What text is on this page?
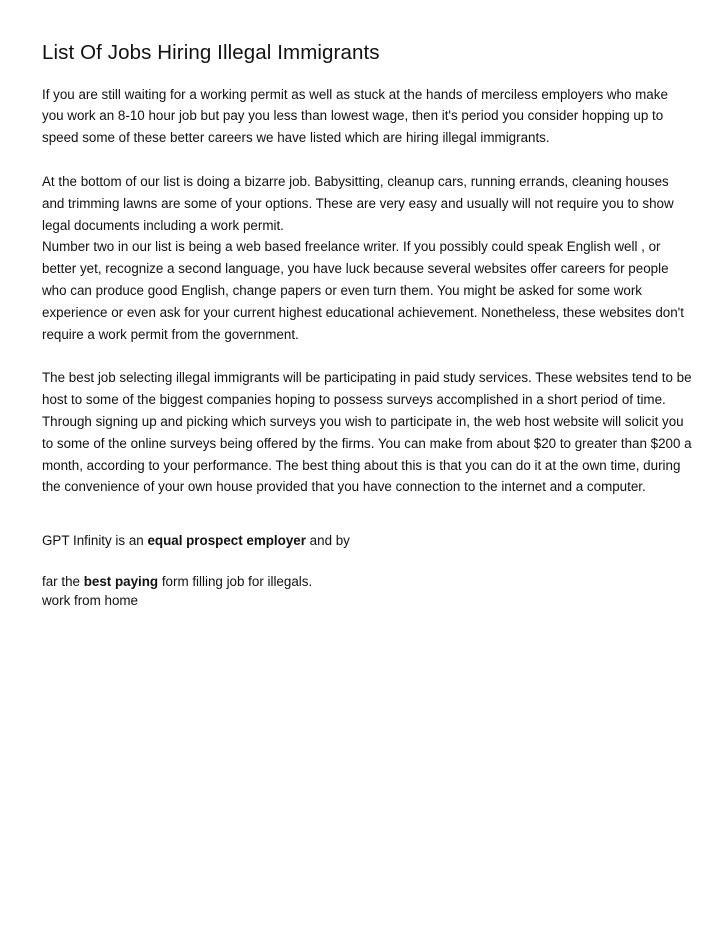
List Of Jobs Hiring Illegal Immigrants

If you are still waiting for a working permit as well as stuck at the hands of merciless employers who make you work an 8-10 hour job but pay you less than lowest wage, then it's period you consider hopping up to speed some of these better careers we have listed which are hiring illegal immigrants.

At the bottom of our list is doing a bizarre job. Babysitting, cleanup cars, running errands, cleaning houses and trimming lawns are some of your options. These are very easy and usually will not require you to show legal documents including a work permit.

Number two in our list is being a web based freelance writer. If you possibly could speak English well , or better yet, recognize a second language, you have luck because several websites offer careers for people who can produce good English, change papers or even turn them. You might be asked for some work experience or even ask for your current highest educational achievement. Nonetheless, these websites don't require a work permit from the government.

The best job selecting illegal immigrants will be participating in paid study services. These websites tend to be host to some of the biggest companies hoping to possess surveys accomplished in a short period of time. Through signing up and picking which surveys you wish to participate in, the web host website will solicit you to some of the online surveys being offered by the firms. You can make from about $20 to greater than $200 a month, according to your performance. The best thing about this is that you can do it at the own time, during the convenience of your own house provided that you have connection to the internet and a computer.

GPT Infinity is an equal prospect employer and by

far the best paying form filling job for illegals.

work from home
